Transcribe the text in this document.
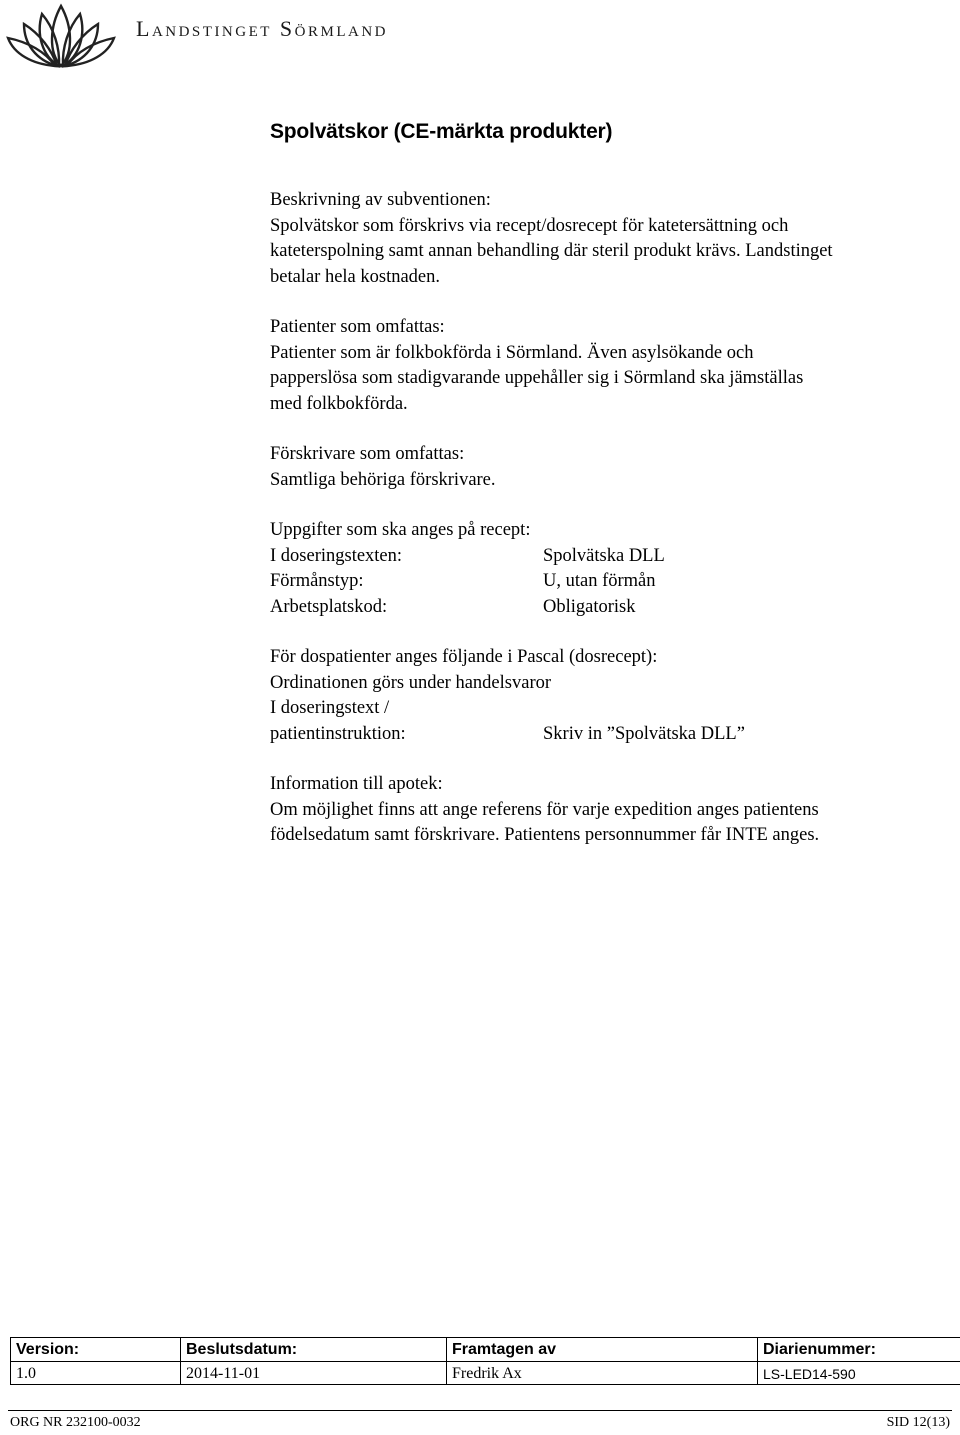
Landstinget Sörmland
Spolvätskor (CE-märkta produkter)

Beskrivning av subventionen:

Spolvätskor som förskrivs via recept/dosrecept för katetersättning och

kateterspolning samt annan behandling där steril produkt krävs. Landstinget

betalar hela kostnaden.

Patienter som omfattas:

Patienter som är folkbokförda i Sörmland. Även asylsökande och

papperslösa som stadigvarande uppehåller sig i Sörmland ska jämställas

med folkbokförda.

Förskrivare som omfattas:

Samtliga behöriga förskrivare.

Uppgifter som ska anges på recept:

I doseringstexten:	Spolvätska DLL
Förmånstyp:	U, utan förmån
Arbetsplatskod:	Obligatorisk

För dospatienter anges följande i Pascal (dosrecept):

Ordinationen görs under handelsvaror

I doseringstext /

patientinstruktion:	Skriv in ”Spolvätska DLL”

Information till apotek:

Om möjlighet finns att ange referens för varje expedition anges patientens

födelsedatum samt förskrivare. Patientens personnummer får INTE anges.

Version:	Beslutsdatum:	Framtagen av	Diarienummer:
1.0	2014-11-01	Fredrik Ax	LS-LED14-590
ORG NR 232100-0032	SID 12(13)
